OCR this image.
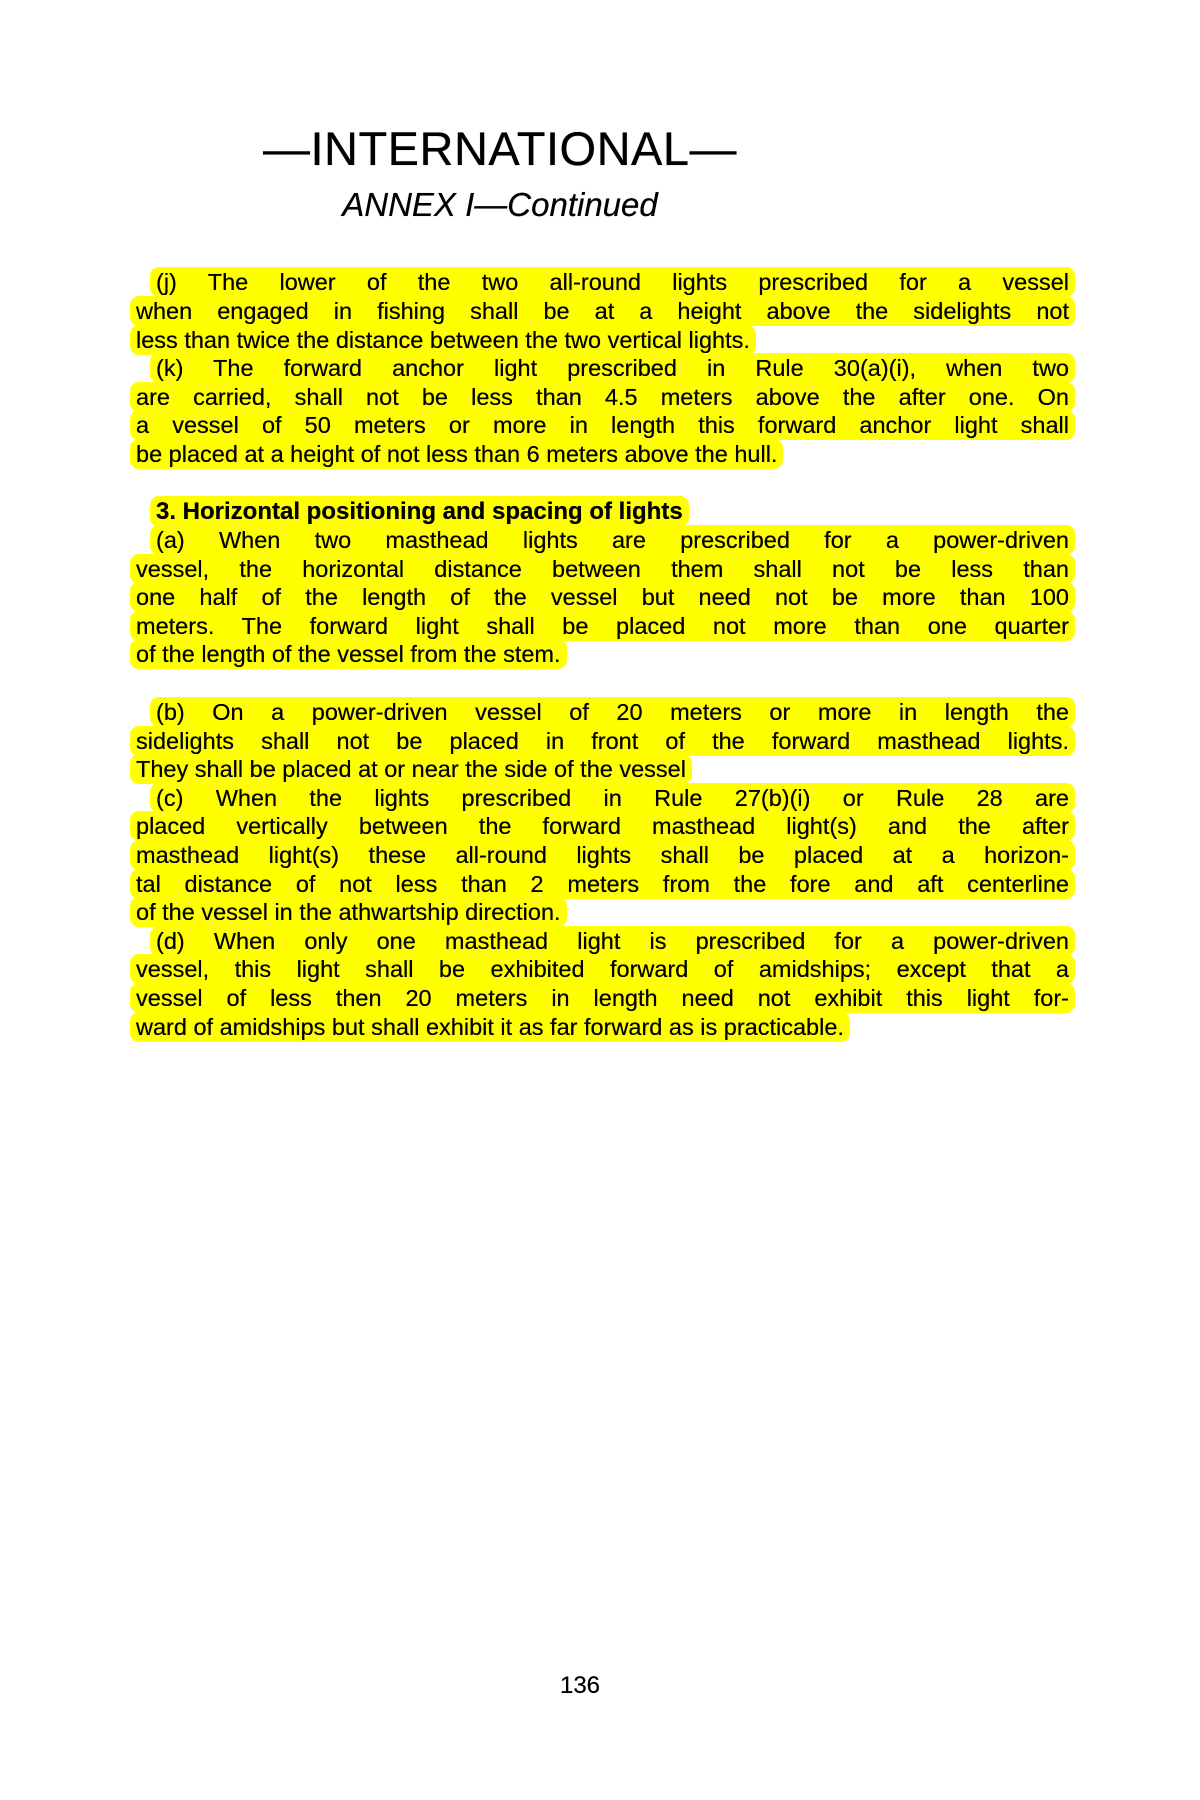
—INTERNATIONAL—
ANNEX I—Continued
(j) The lower of the two all-round lights prescribed for a vessel
when engaged in fishing shall be at a height above the sidelights not
less than twice the distance between the two vertical lights.
(k) The forward anchor light prescribed in Rule 30(a)(i), when two
are carried, shall not be less than 4.5 meters above the after one. On
a vessel of 50 meters or more in length this forward anchor light shall
be placed at a height of not less than 6 meters above the hull.
3. Horizontal positioning and spacing of lights
(a) When two masthead lights are prescribed for a power-driven
vessel, the horizontal distance between them shall not be less than
one half of the length of the vessel but need not be more than 100
meters. The forward light shall be placed not more than one quarter
of the length of the vessel from the stem.
(b) On a power-driven vessel of 20 meters or more in length the
sidelights shall not be placed in front of the forward masthead lights.
They shall be placed at or near the side of the vessel
(c) When the lights prescribed in Rule 27(b)(i) or Rule 28 are
placed vertically between the forward masthead light(s) and the after
masthead light(s) these all-round lights shall be placed at a horizon-
tal distance of not less than 2 meters from the fore and aft centerline
of the vessel in the athwartship direction.
(d) When only one masthead light is prescribed for a power-driven
vessel, this light shall be exhibited forward of amidships; except that a
vessel of less then 20 meters in length need not exhibit this light for-
ward of amidships but shall exhibit it as far forward as is practicable.
136
